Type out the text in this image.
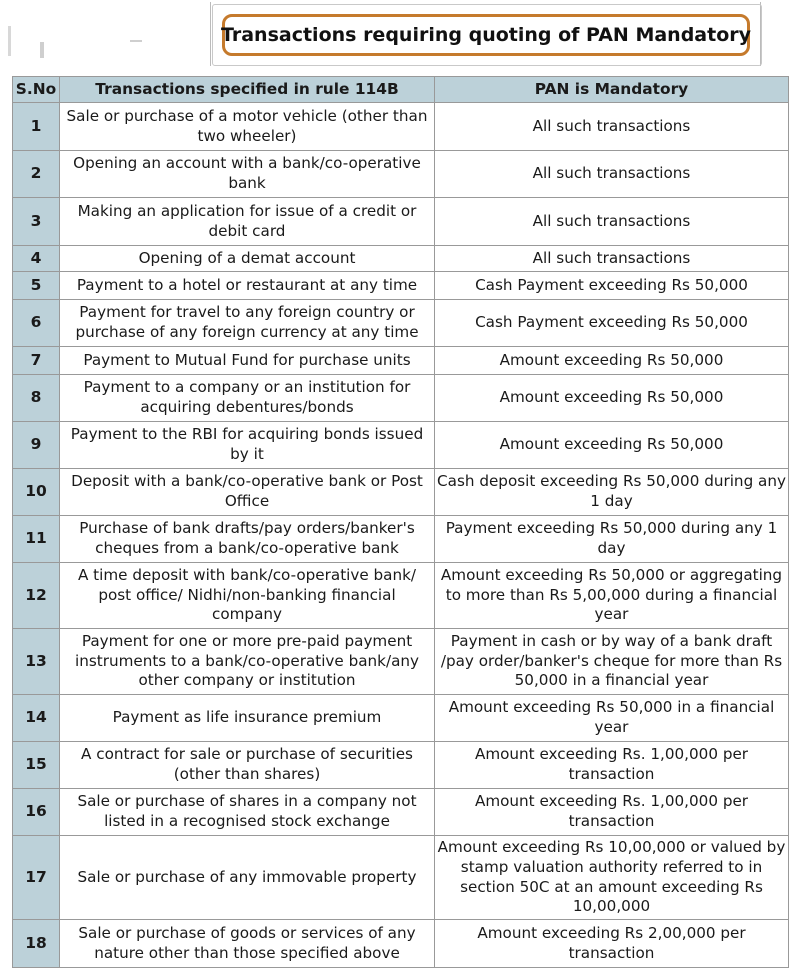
Transactions requiring quoting of PAN Mandatory
S.No	Transactions specified in rule 114B	PAN is Mandatory
1	Sale or purchase of a motor vehicle (other than two wheeler)	All such transactions
2	Opening an account with a bank/co-operative bank	All such transactions
3	Making an application for issue of a credit or debit card	All such transactions
4	Opening of a demat account	All such transactions
5	Payment to a hotel or restaurant at any time	Cash Payment exceeding Rs 50,000
6	Payment for travel to any foreign country or purchase of any foreign currency at any time	Cash Payment exceeding Rs 50,000
7	Payment to Mutual Fund for purchase units	Amount exceeding Rs 50,000
8	Payment to a company or an institution for acquiring debentures/bonds	Amount exceeding Rs 50,000
9	Payment to the RBI for acquiring bonds issued by it	Amount exceeding Rs 50,000
10	Deposit with a bank/co-operative bank or Post Office	Cash deposit exceeding Rs 50,000 during any 1 day
11	Purchase of bank drafts/pay orders/banker's cheques from a bank/co-operative bank	Payment exceeding Rs 50,000 during any 1 day
12	A time deposit with bank/co-operative bank/ post office/ Nidhi/non-banking financial company	Amount exceeding Rs 50,000 or aggregating to more than Rs 5,00,000 during a financial year
13	Payment for one or more pre-paid payment instruments to a bank/co-operative bank/any other company or institution	Payment in cash or by way of a bank draft /pay order/banker's cheque for more than Rs 50,000 in a financial year
14	Payment as life insurance premium	Amount exceeding Rs 50,000 in a financial year
15	A contract for sale or purchase of securities (other than shares)	Amount exceeding Rs. 1,00,000 per transaction
16	Sale or purchase of shares in a company not listed in a recognised stock exchange	Amount exceeding Rs. 1,00,000 per transaction
17	Sale or purchase of any immovable property	Amount exceeding Rs 10,00,000 or valued by stamp valuation authority referred to in section 50C at an amount exceeding Rs 10,00,000
18	Sale or purchase of goods or services of any nature other than those specified above	Amount exceeding Rs 2,00,000 per transaction
